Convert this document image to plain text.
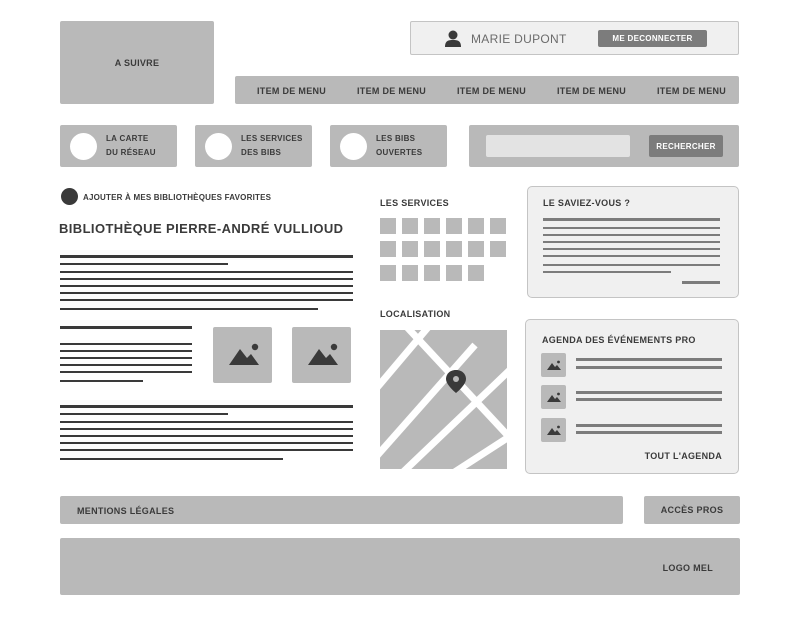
A SUIVRE
MARIE DUPONT	ME DECONNECTER
ITEM DE MENU	ITEM DE MENU	ITEM DE MENU	ITEM DE MENU	ITEM DE MENU
LA CARTE
DU RÉSEAU
LES SERVICES
DES BIBS
LES BIBS
OUVERTES
RECHERCHER
AJOUTER À MES BIBLIOTHÈQUES FAVORITES
BIBLIOTHÈQUE PIERRE-ANDRÉ VULLIOUD
LES SERVICES
LOCALISATION
LE SAVIEZ-VOUS ?
AGENDA DES ÉVÉNEMENTS PRO
TOUT L'AGENDA
MENTIONS LÉGALES	ACCÈS PROS
LOGO MEL
